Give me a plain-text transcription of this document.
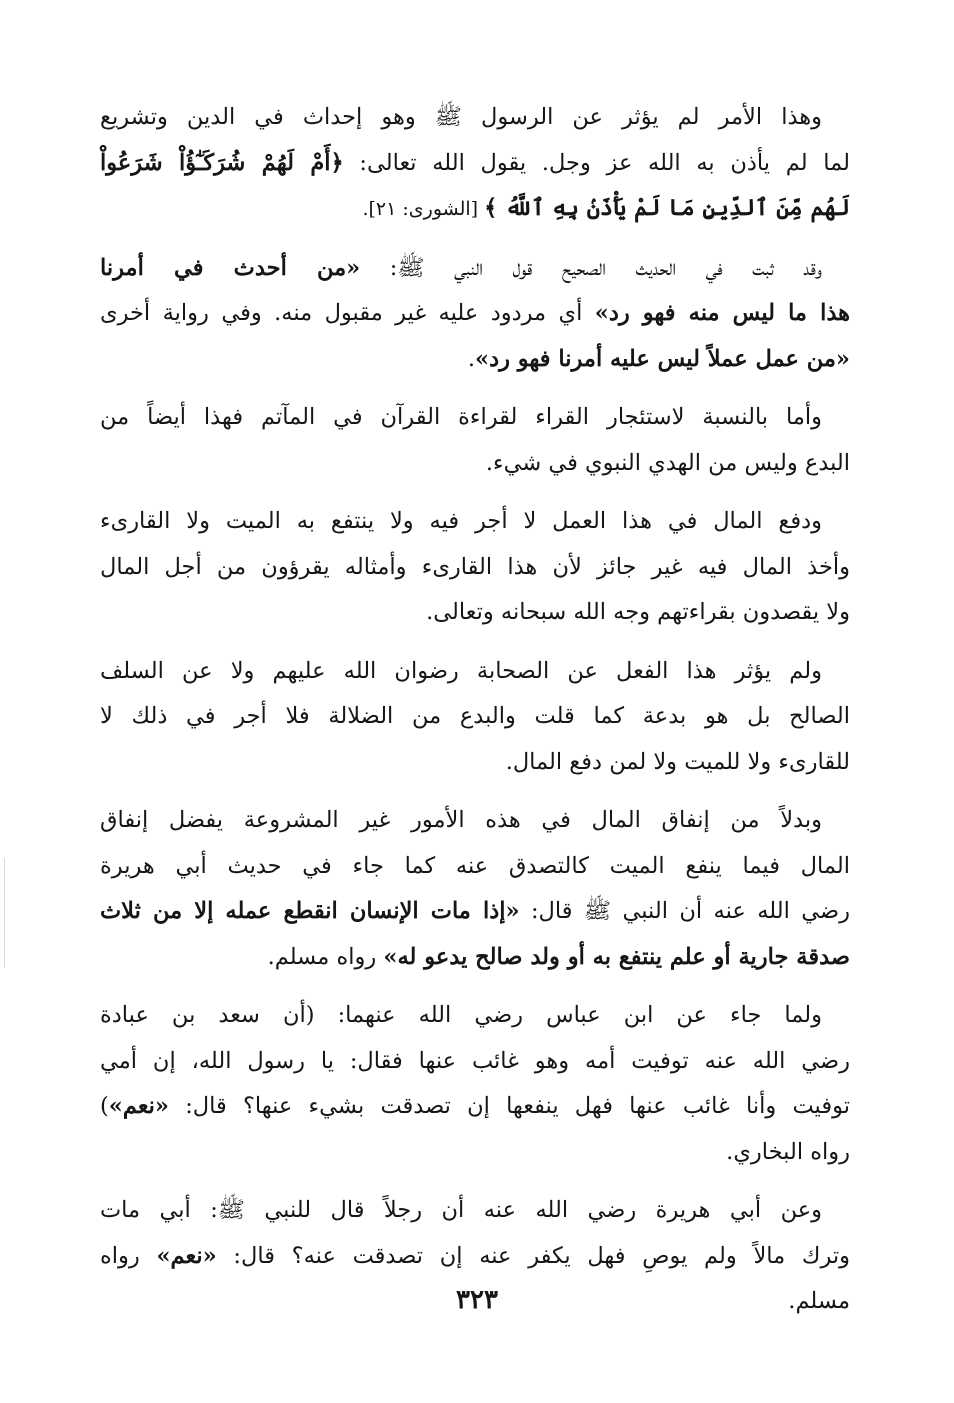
وهذا الأمر لم يؤثر عن الرسول ﷺ وهو إحداث في الدين وتشريع
لما لم يأذن به الله عز وجل. يقول الله تعالى: ﴿أَمْ لَهُمْ شُرَكَـٰٓؤُاْ شَرَعُواْ
لَهُم مِّنَ ٱلدِّينِ مَا لَمْ يَأْذَنۢ بِهِ ٱللَّهُ ﴾ [الشورى: ٢١].
وقد ثبت في الحديث الصحيح قول النبي ﷺ: «من أحدث في أمرنا
هذا ما ليس منه فهو رد» أي مردود عليه غير مقبول منه. وفي رواية أخرى
«من عمل عملاً ليس عليه أمرنا فهو رد».
وأما بالنسبة لاستئجار القراء لقراءة القرآن في المآتم فهذا أيضاً من
البدع وليس من الهدي النبوي في شيء.
ودفع المال في هذا العمل لا أجر فيه ولا ينتفع به الميت ولا القارىء
وأخذ المال فيه غير جائز لأن هذا القارىء وأمثاله يقرؤون من أجل المال
ولا يقصدون بقراءتهم وجه الله سبحانه وتعالى.
ولم يؤثر هذا الفعل عن الصحابة رضوان الله عليهم ولا عن السلف
الصالح بل هو بدعة كما قلت والبدع من الضلالة فلا أجر في ذلك لا
للقارىء ولا للميت ولا لمن دفع المال.
وبدلاً من إنفاق المال في هذه الأمور غير المشروعة يفضل إنفاق
المال فيما ينفع الميت كالتصدق عنه كما جاء في حديث أبي هريرة
رضي الله عنه أن النبي ﷺ قال: «إذا مات الإنسان انقطع عمله إلا من ثلاث
صدقة جارية أو علم ينتفع به أو ولد صالح يدعو له» رواه مسلم.
ولما جاء عن ابن عباس رضي الله عنهما: (أن سعد بن عبادة
رضي الله عنه توفيت أمه وهو غائب عنها فقال: يا رسول الله، إن أمي
توفيت وأنا غائب عنها فهل ينفعها إن تصدقت بشيء عنها؟ قال: «نعم»)
رواه البخاري.
وعن أبي هريرة رضي الله عنه أن رجلاً قال للنبي ﷺ: أبي مات
وترك مالاً ولم يوصِ فهل يكفر عنه إن تصدقت عنه؟ قال: «نعم» رواه
مسلم.
٣٢٣
